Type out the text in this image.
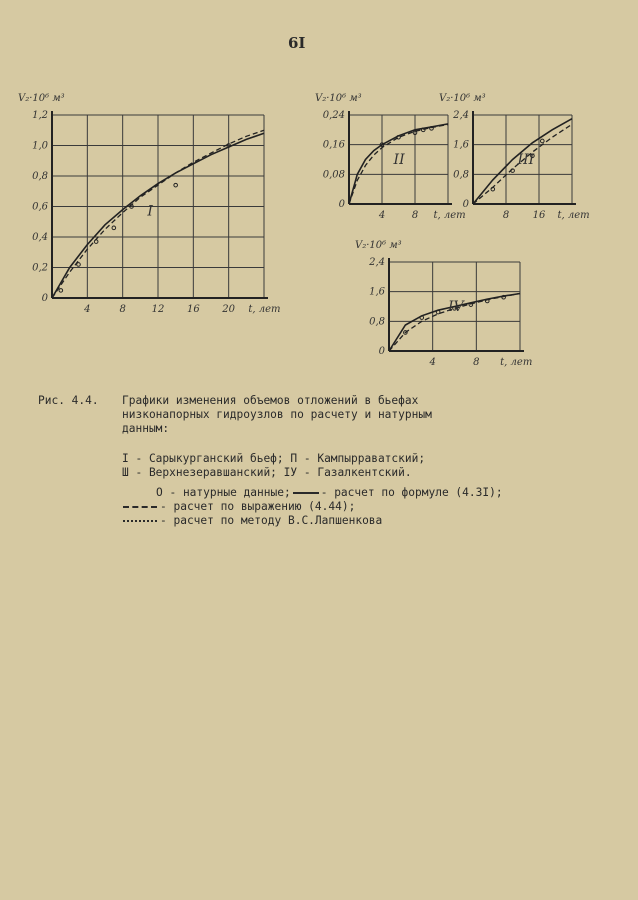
6I
0
0,2
0,4
0,6
0,8
1,0
1,2
4	8	12 16 20
V₂·10⁶ м³
t, лет
I	0
0,08
0,16
0,24
4	8
V₂·10⁶ м³
t, лет
II
0
0,8
1,6
2,4
8 16
V₂·10⁶ м³
t, лет
III
0
0,8
1,6
2,4
4	8
V₂·10⁶ м³
t, лет
IV
Рис. 4.4. Графики изменения объемов отложений в бьефах
низконапорных гидроузлов по расчету и натурным
данным:
I - Сарыкурганский бьеф; П - Кампырраватский;
Ш - Верхнезеравшанский; IУ - Газалкентский.
О - натурные данные;	- расчет по формуле (4.3I);
- расчет по выражению (4.44);
- расчет по методу В.С.Лапшенкова
